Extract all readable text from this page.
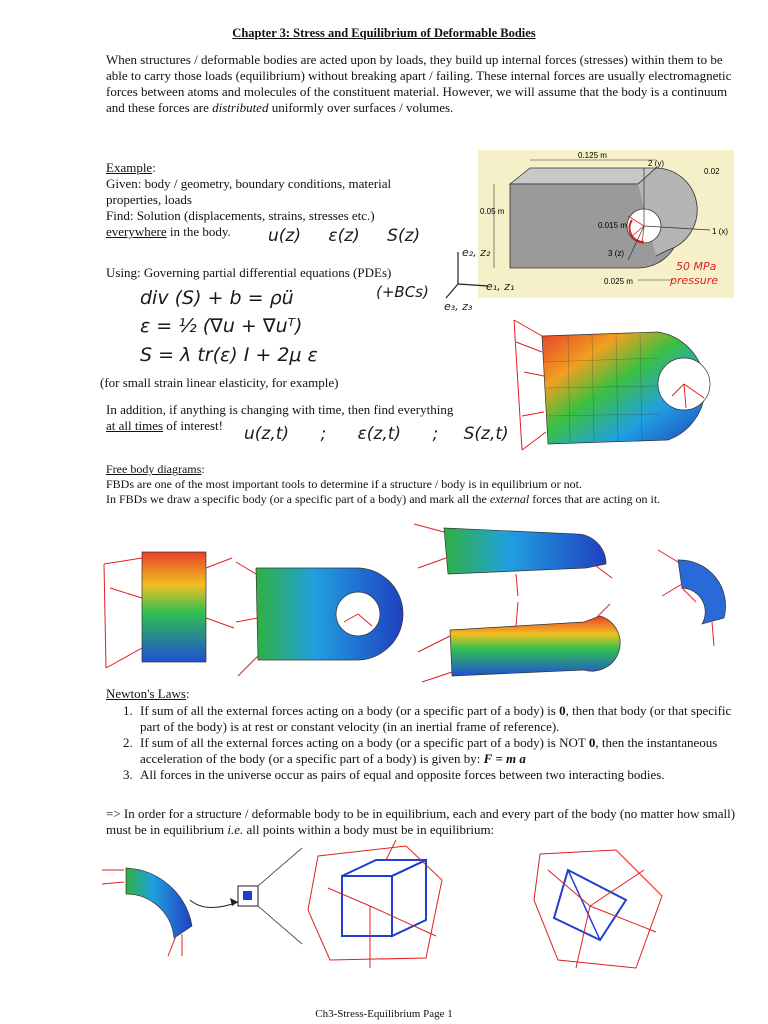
Chapter 3: Stress and Equilibrium of Deformable Bodies
When structures / deformable bodies are acted upon by loads, they build up internal forces (stresses) within them to be able to carry those loads (equilibrium) without breaking apart / failing. These internal forces are usually electromagnetic forces between atoms and molecules of the constituent material. However, we will assume that the body is a continuum and these forces are distributed uniformly over surfaces / volumes.
Example:
Given: body / geometry, boundary conditions, material properties, loads
Find: Solution (displacements, strains, stresses etc.)
everywhere in the body.	u(z) ε(z) S(z)
Using: Governing partial differential equations (PDEs)
div (S) + b = ρü	(+BCs)
ε = ½ (∇u + ∇uᵀ)
S = λ tr(ε) I + 2μ ε
(for small strain linear elasticity, for example)
In addition, if anything is changing with time, then find everything
at all times of interest!	u(z,t) ; ε(z,t) ; S(z,t)
0.125 m
0.02
0.05 m
0.015 m
0.025 m
2 (y)
1 (x)
3 (z)
50 MPa
pressure
e₂, z₂
e₁, z₁
e₃, z₃
Free body diagrams:
FBDs are one of the most important tools to determine if a structure / body is in equilibrium or not.
In FBDs we draw a specific body (or a specific part of a body) and mark all the external forces that are acting on it.
Newton's Laws:
1. If sum of all the external forces acting on a body (or a specific part of a body) is 0, then that body (or that specific part of the body) is at rest or constant velocity (in an inertial frame of reference).
2. If sum of all the external forces acting on a body (or a specific part of a body) is NOT 0, then the instantaneous acceleration of the body (or a specific part of a body) is given by: F = m a
3. All forces in the universe occur as pairs of equal and opposite forces between two interacting bodies.
=> In order for a structure / deformable body to be in equilibrium, each and every part of the body (no matter how small) must be in equilibrium i.e. all points within a body must be in equilibrium:
Ch3-Stress-Equilibrium Page 1
